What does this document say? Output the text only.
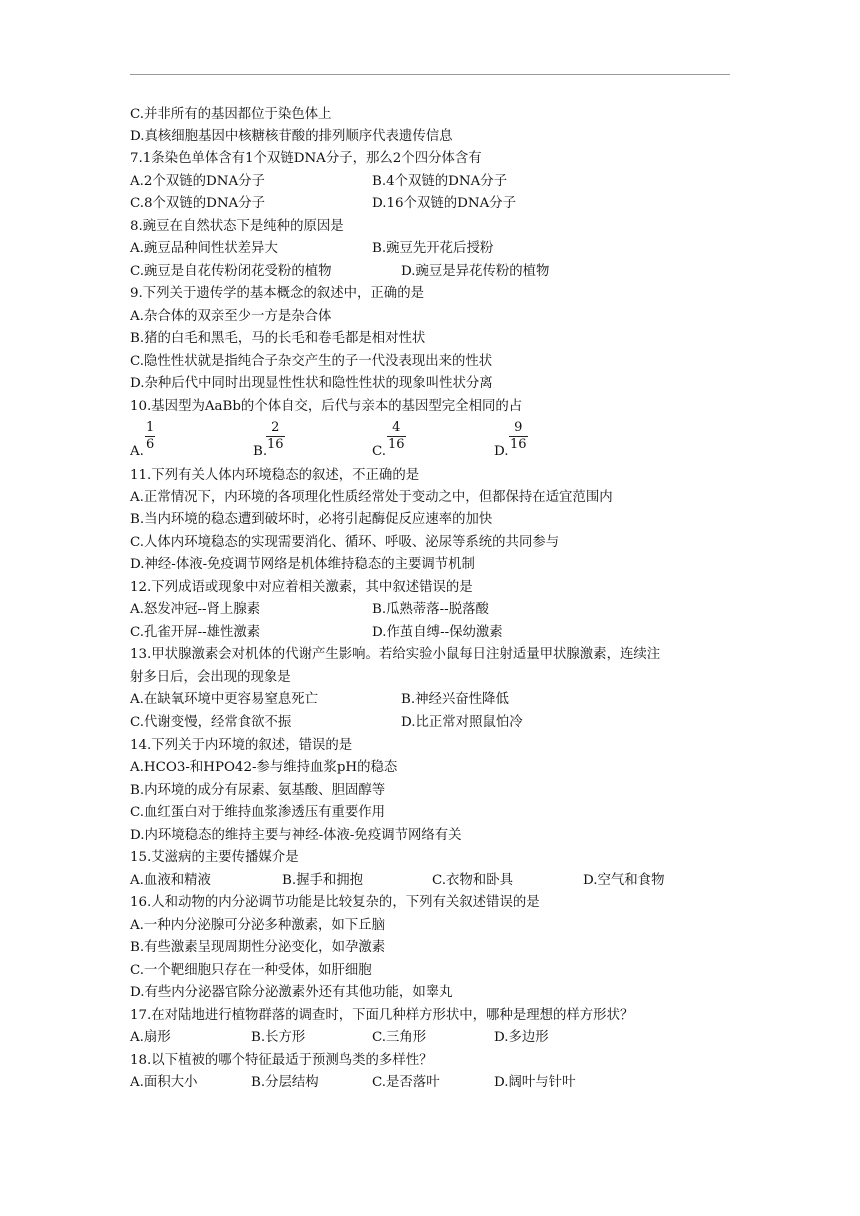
C.并非所有的基因都位于染色体上
D.真核细胞基因中核糖核苷酸的排列顺序代表遗传信息
7.1条染色单体含有1个双链DNA分子，那么2个四分体含有
A.2个双链的DNA分子	B.4个双链的DNA分子
C.8个双链的DNA分子	D.16个双链的DNA分子
8.豌豆在自然状态下是纯种的原因是
A.豌豆品种间性状差异大	B.豌豆先开花后授粉
C.豌豆是自花传粉闭花受粉的植物	D.豌豆是异花传粉的植物
9.下列关于遗传学的基本概念的叙述中，正确的是
A.杂合体的双亲至少一方是杂合体
B.猪的白毛和黑毛，马的长毛和卷毛都是相对性状
C.隐性性状就是指纯合子杂交产生的子一代没表现出来的性状
D.杂种后代中同时出现显性性状和隐性性状的现象叫性状分离
10.基因型为AaBb的个体自交，后代与亲本的基因型完全相同的占
A.
1
6	B.
2
16	C.
4
16	D.
9
16
11.下列有关人体内环境稳态的叙述，不正确的是
A.正常情况下，内环境的各项理化性质经常处于变动之中，但都保持在适宜范围内
B.当内环境的稳态遭到破坏时，必将引起酶促反应速率的加快
C.人体内环境稳态的实现需要消化、循环、呼吸、泌尿等系统的共同参与
D.神经-体液-免疫调节网络是机体维持稳态的主要调节机制
12.下列成语或现象中对应着相关激素，其中叙述错误的是
A.怒发冲冠--肾上腺素	B.瓜熟蒂落--脱落酸
C.孔雀开屏--雄性激素	D.作茧自缚--保幼激素
13.甲状腺激素会对机体的代谢产生影响。若给实验小鼠每日注射适量甲状腺激素，连续注
射多日后，会出现的现象是
A.在缺氧环境中更容易窒息死亡	B.神经兴奋性降低
C.代谢变慢，经常食欲不振	D.比正常对照鼠怕冷
14.下列关于内环境的叙述，错误的是
A.HCO3-和HPO42-参与维持血浆pH的稳态
B.内环境的成分有尿素、氨基酸、胆固醇等
C.血红蛋白对于维持血浆渗透压有重要作用
D.内环境稳态的维持主要与神经-体液-免疫调节网络有关
15.艾滋病的主要传播媒介是
A.血液和精液	B.握手和拥抱	C.衣物和卧具	D.空气和食物
16.人和动物的内分泌调节功能是比较复杂的，下列有关叙述错误的是
A.一种内分泌腺可分泌多种激素，如下丘脑
B.有些激素呈现周期性分泌变化，如孕激素
C.一个靶细胞只存在一种受体，如肝细胞
D.有些内分泌器官除分泌激素外还有其他功能，如睾丸
17.在对陆地进行植物群落的调查时，下面几种样方形状中，哪种是理想的样方形状？
A.扇形	B.长方形	C.三角形	D.多边形
18.以下植被的哪个特征最适于预测鸟类的多样性？
A.面积大小	B.分层结构	C.是否落叶	D.阔叶与针叶
